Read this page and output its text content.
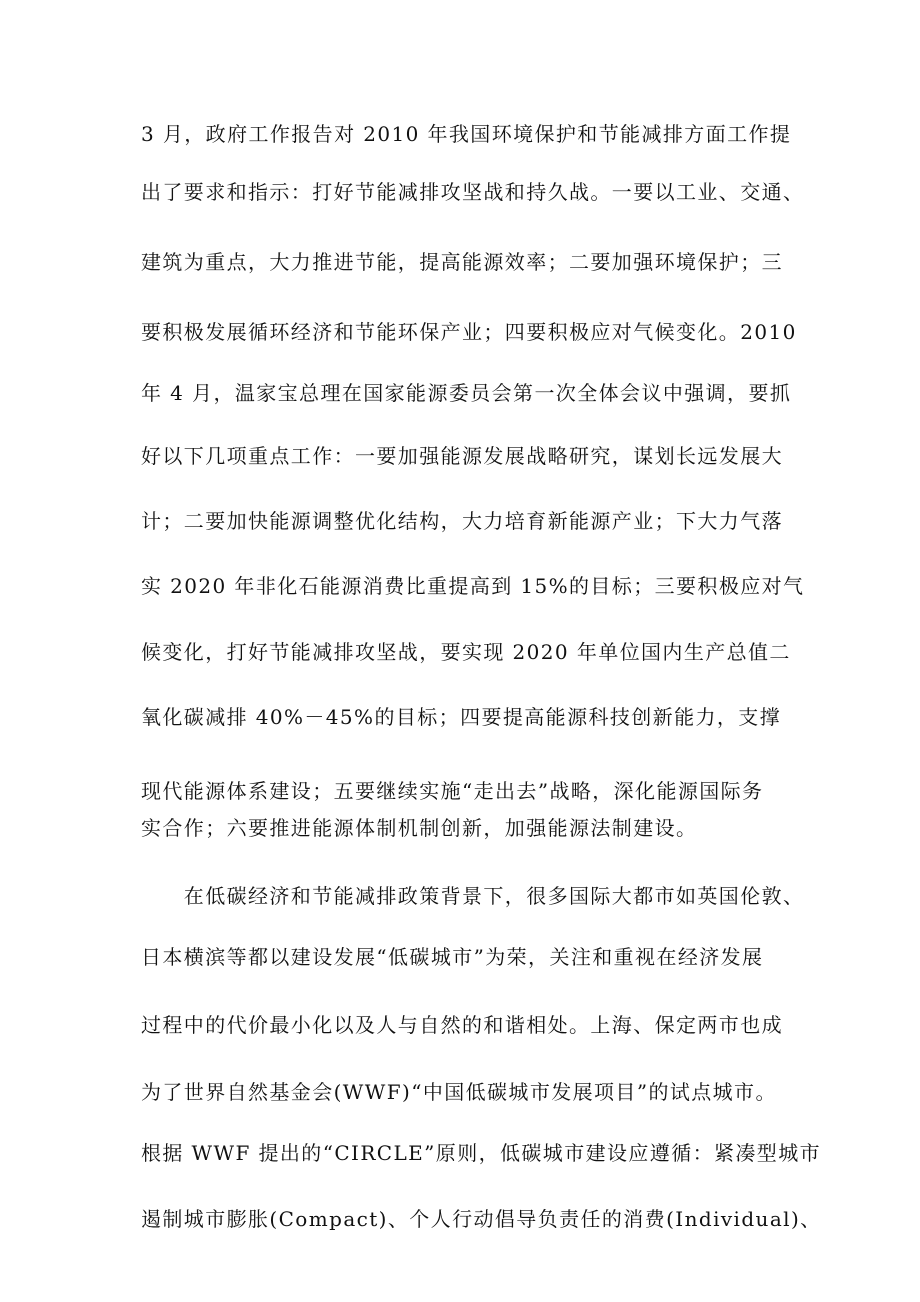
3 月，政府工作报告对 2010 年我国环境保护和节能减排方面工作提
出了要求和指示：打好节能减排攻坚战和持久战。一要以工业、交通、
建筑为重点，大力推进节能，提高能源效率；二要加强环境保护；三
要积极发展循环经济和节能环保产业；四要积极应对气候变化。2010
年 4 月，温家宝总理在国家能源委员会第一次全体会议中强调，要抓
好以下几项重点工作：一要加强能源发展战略研究，谋划长远发展大
计；二要加快能源调整优化结构，大力培育新能源产业；下大力气落
实 2020 年非化石能源消费比重提高到 15%的目标；三要积极应对气
候变化，打好节能减排攻坚战，要实现 2020 年单位国内生产总值二
氧化碳减排 40%－45%的目标；四要提高能源科技创新能力，支撑
现代能源体系建设；五要继续实施“走出去”战略，深化能源国际务
实合作；六要推进能源体制机制创新，加强能源法制建设。
　　在低碳经济和节能减排政策背景下，很多国际大都市如英国伦敦、
日本横滨等都以建设发展“低碳城市”为荣，关注和重视在经济发展
过程中的代价最小化以及人与自然的和谐相处。上海、保定两市也成
为了世界自然基金会(WWF)“中国低碳城市发展项目”的试点城市。
根据 WWF 提出的“CIRCLE”原则，低碳城市建设应遵循：紧凑型城市
遏制城市膨胀(Compact)、个人行动倡导负责任的消费(Individual)、
